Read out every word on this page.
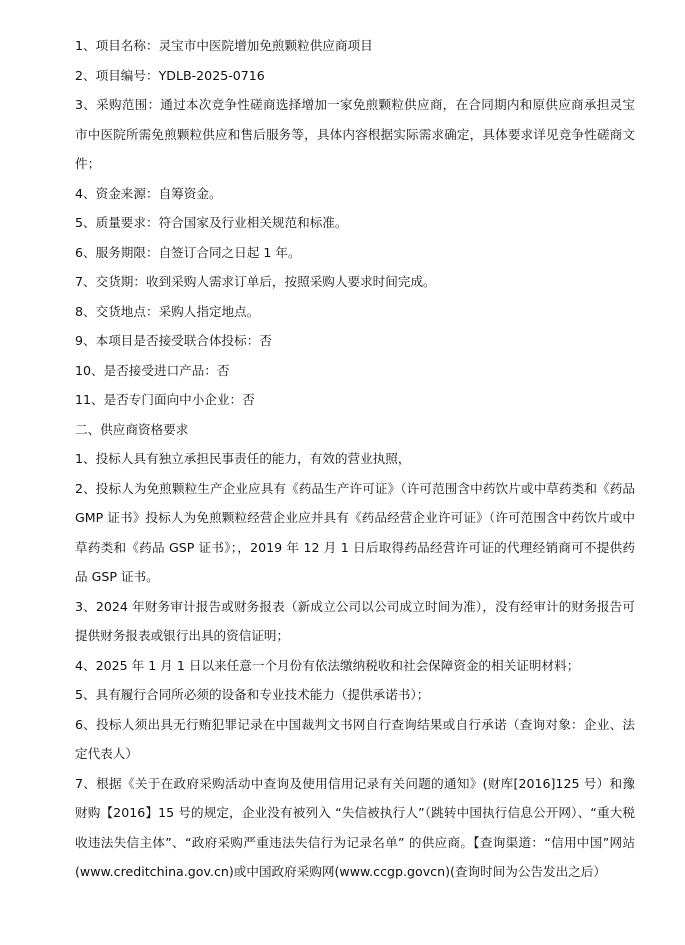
1、项目名称：灵宝市中医院增加免煎颗粒供应商项目

2、项目编号：YDLB-2025-0716

3、采购范围：通过本次竞争性磋商选择增加一家免煎颗粒供应商，在合同期内和原供应商承担灵宝市中医院所需免煎颗粒供应和售后服务等，具体内容根据实际需求确定，具体要求详见竞争性磋商文件；

4、资金来源：自筹资金。

5、质量要求：符合国家及行业相关规范和标准。

6、服务期限：自签订合同之日起 1 年。

7、交货期：收到采购人需求订单后，按照采购人要求时间完成。

8、交货地点：采购人指定地点。

9、本项目是否接受联合体投标：否

10、是否接受进口产品：否

11、是否专门面向中小企业：否

二、供应商资格要求

1、投标人具有独立承担民事责任的能力，有效的营业执照，

2、投标人为免煎颗粒生产企业应具有《药品生产许可证》（许可范围含中药饮片或中草药类和《药品 GMP 证书》投标人为免煎颗粒经营企业应并具有《药品经营企业许可证》（许可范围含中药饮片或中草药类和《药品 GSP 证书》；，2019 年 12 月 1 日后取得药品经营许可证的代理经销商可不提供药品 GSP 证书。

3、2024 年财务审计报告或财务报表（新成立公司以公司成立时间为准），没有经审计的财务报告可提供财务报表或银行出具的资信证明；

4、2025 年 1 月 1 日以来任意一个月份有依法缴纳税收和社会保障资金的相关证明材料；

5、具有履行合同所必须的设备和专业技术能力（提供承诺书）；

6、投标人须出具无行贿犯罪记录在中国裁判文书网自行查询结果或自行承诺（查询对象：企业、法定代表人）

7、根据《关于在政府采购活动中查询及使用信用记录有关问题的通知》(财库[2016]125 号）和豫财购【2016】15 号的规定，企业没有被列入 “失信被执行人”（跳转中国执行信息公开网）、“重大税收违法失信主体”、“政府采购严重违法失信行为记录名单” 的供应商。【查询渠道：“信用中国”网站(www.creditchina.gov.cn)或中国政府采购网(www.ccgp.govcn)(查询时间为公告发出之后）
